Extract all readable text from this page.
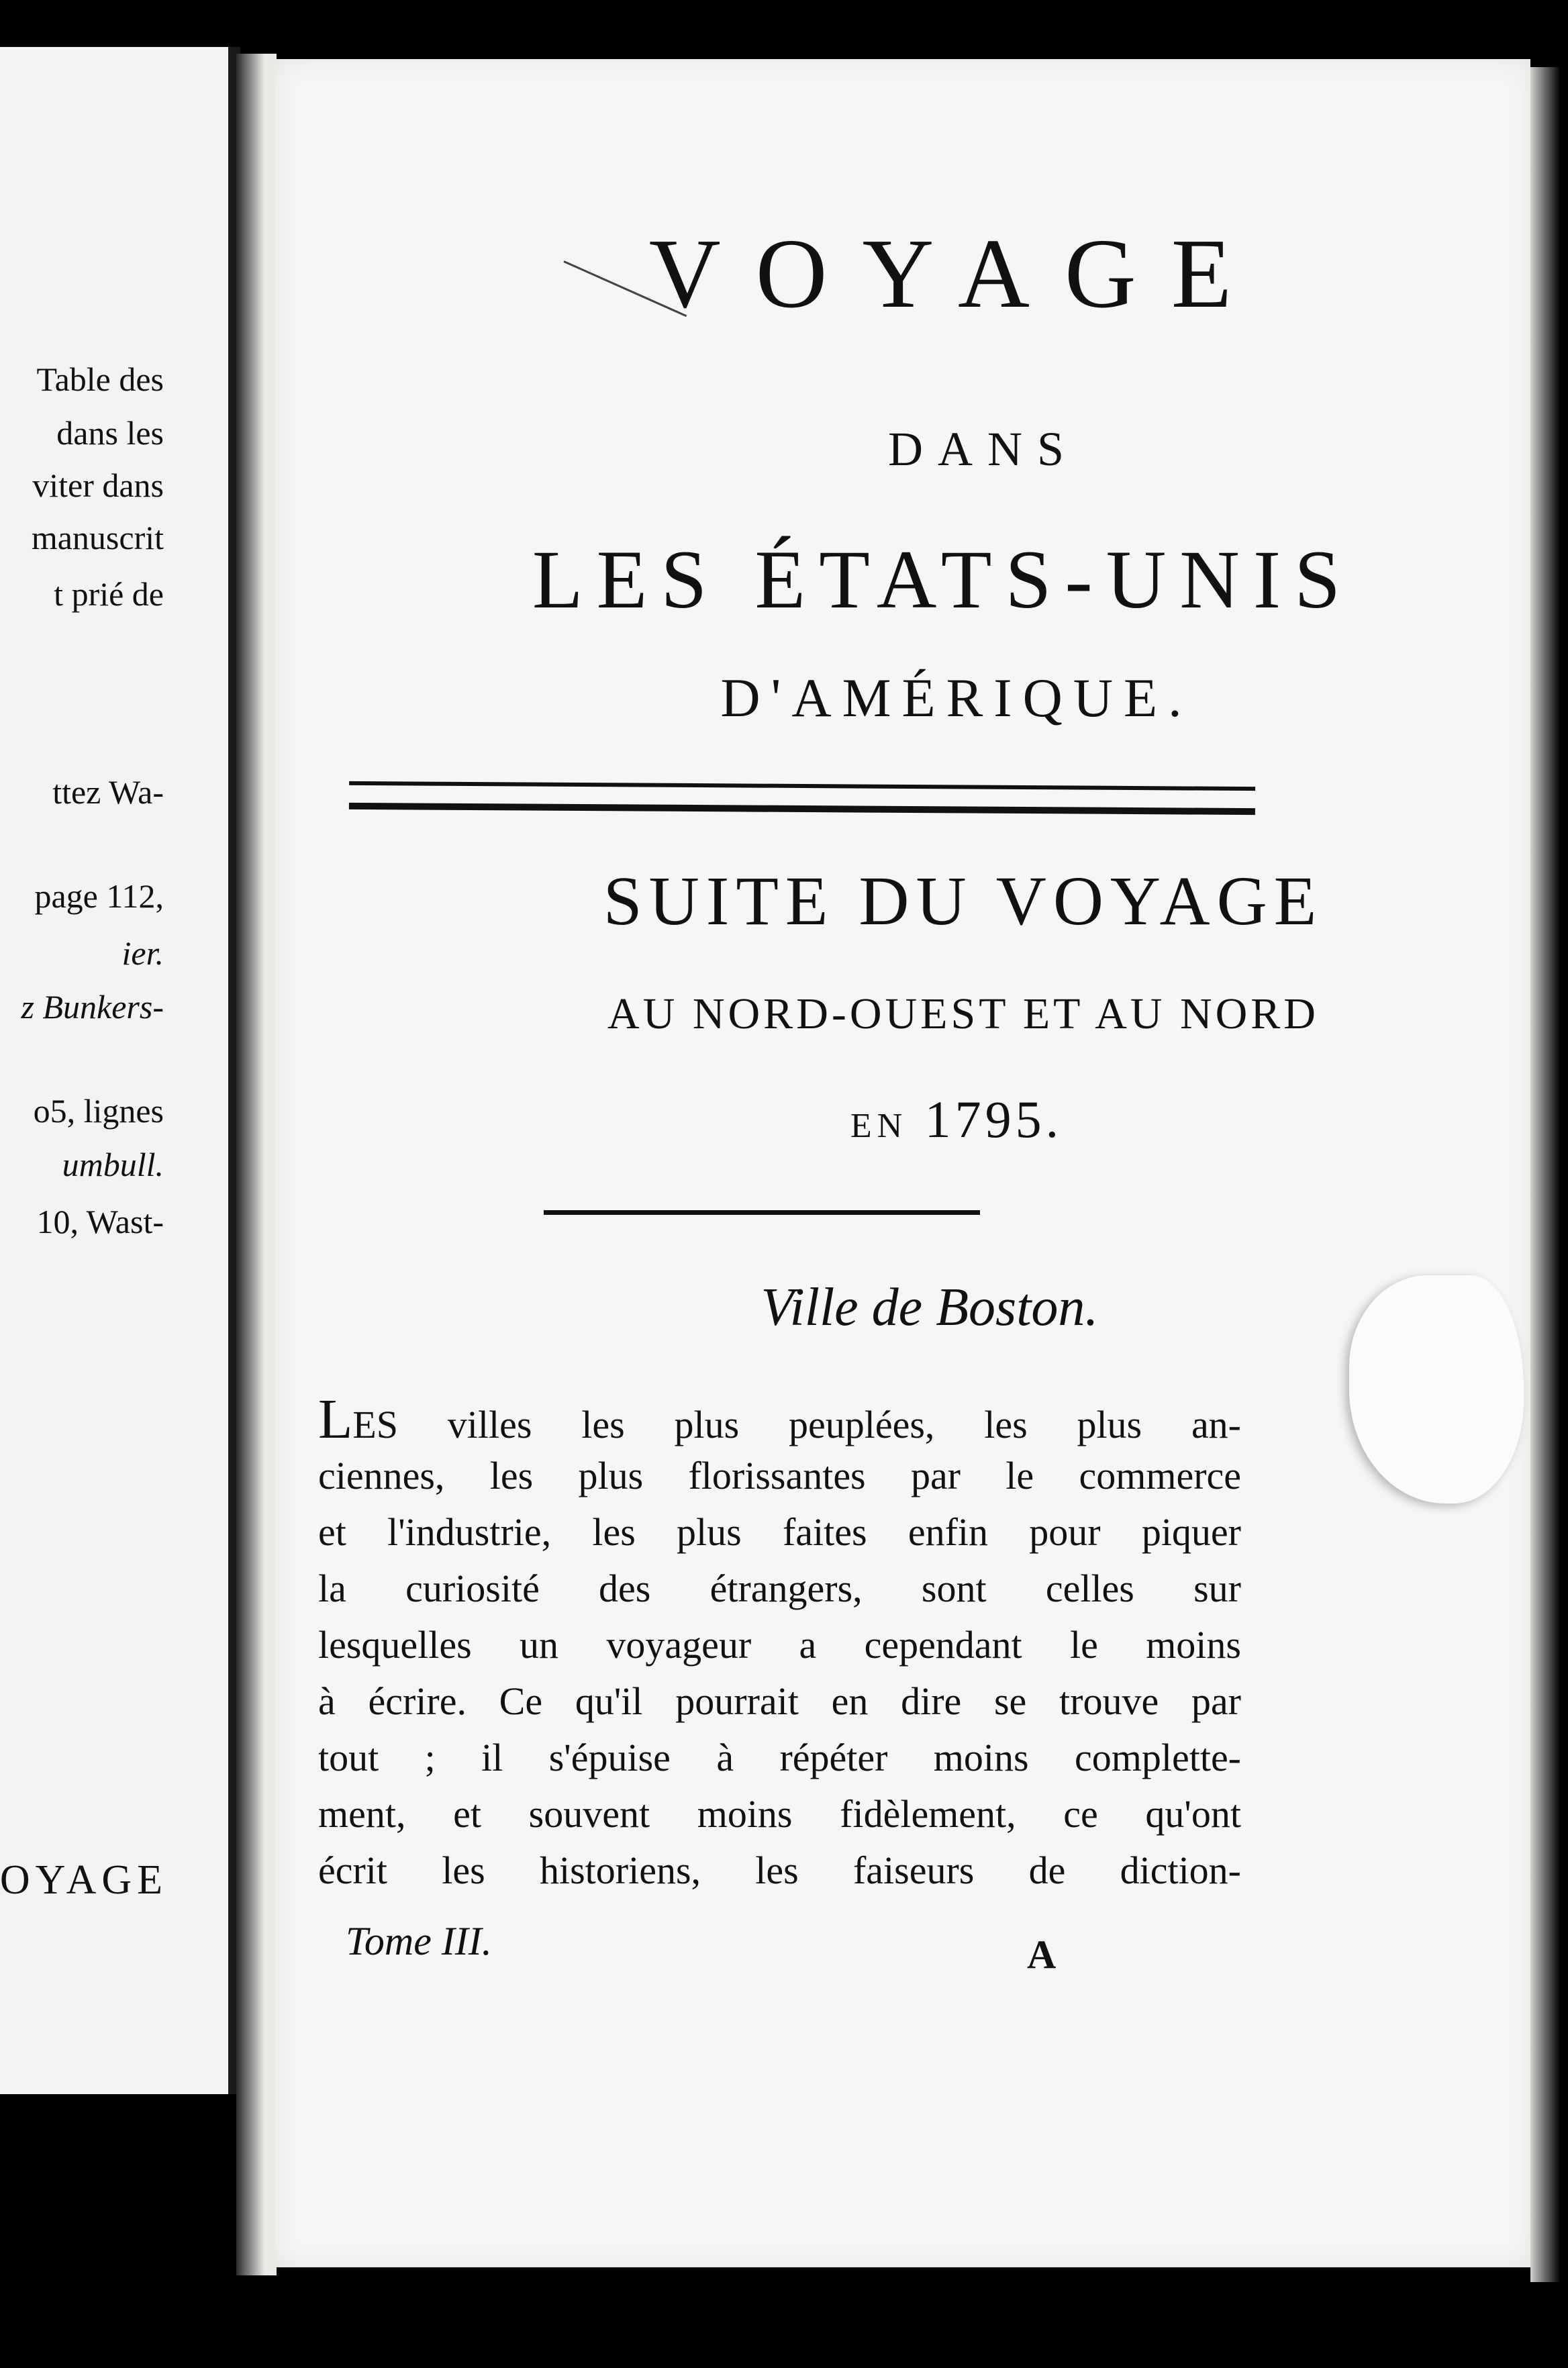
Table des
dans les
viter dans
manuscrit
t prié de
ttez Wa-
page 112,
ier.
z Bunkers-
o5, lignes
umbull.
10, Wast-
OYAGE
VOYAGE
DANS
LES ÉTATS-UNIS
D'AMÉRIQUE.
SUITE DU VOYAGE
AU NORD-OUEST ET AU NORD
EN 1795.
Ville de Boston.
LES villes les plus peuplées, les plus an-
ciennes, les plus florissantes par le commerce
et l'industrie, les plus faites enfin pour piquer
la curiosité des étrangers, sont celles sur
lesquelles un voyageur a cependant le moins
à écrire. Ce qu'il pourrait en dire se trouve par
tout ; il s'épuise à répéter moins complette-
ment, et souvent moins fidèlement, ce qu'ont
écrit les historiens, les faiseurs de diction-
Tome III.	A
